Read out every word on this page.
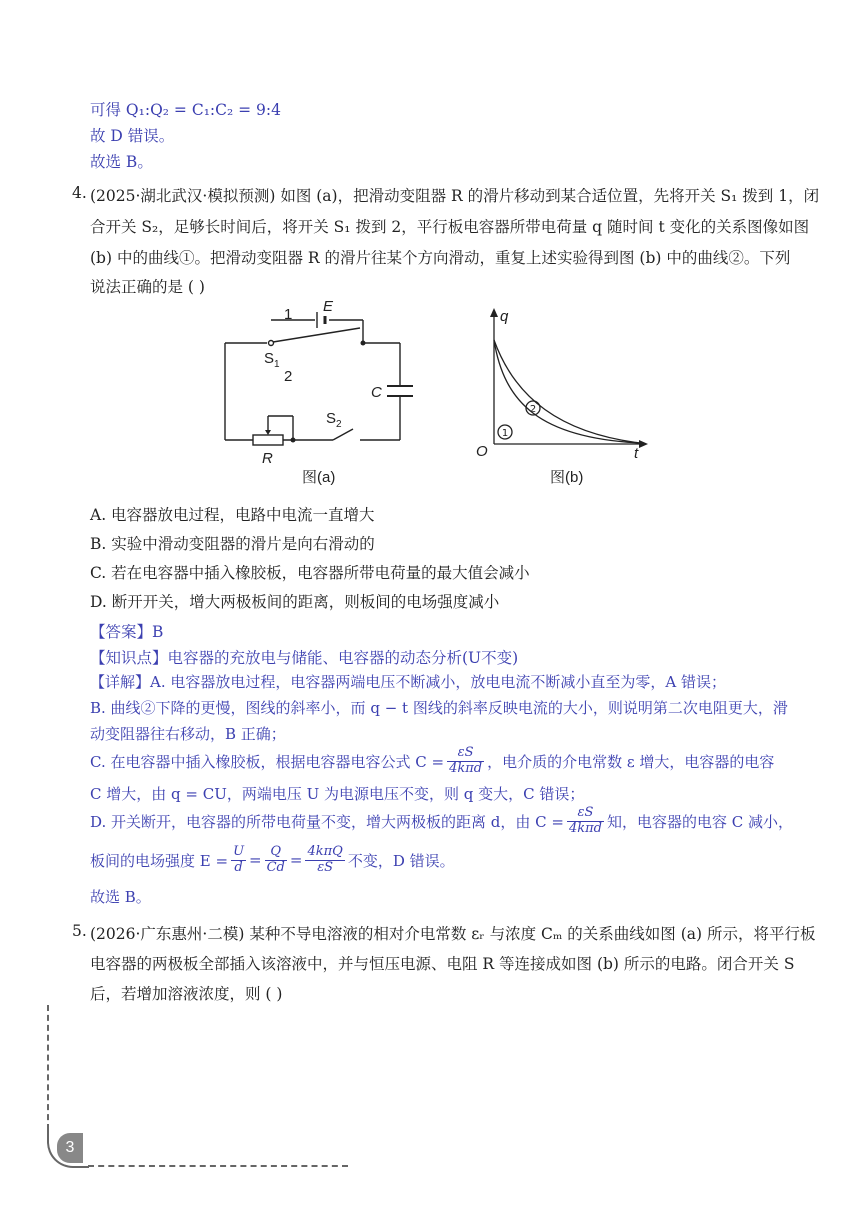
可得 Q₁:Q₂ = C₁:C₂ = 9:4
故 D 错误。
故选 B。
4. (2025·湖北武汉·模拟预测) 如图 (a)，把滑动变阻器 R 的滑片移动到某合适位置，先将开关 S₁ 拨到 1，闭
合开关 S₂，足够长时间后，将开关 S₁ 拨到 2，平行板电容器所带电荷量 q 随时间 t 变化的关系图像如图
(b) 中的曲线①。把滑动变阻器 R 的滑片往某个方向滑动，重复上述实验得到图 (b) 中的曲线②。下列
说法正确的是 ( )
1 E
$S_1$
2
C
$S_2$
R
图(a)
1
2
q
t
O
图(b)
A. 电容器放电过程，电路中电流一直增大
B. 实验中滑动变阻器的滑片是向右滑动的
C. 若在电容器中插入橡胶板，电容器所带电荷量的最大值会减小
D. 断开开关，增大两极板间的距离，则板间的电场强度减小
【答案】B
【知识点】电容器的充放电与储能、电容器的动态分析(U不变)
【详解】A. 电容器放电过程，电容器两端电压不断减小，放电电流不断减小直至为零，A 错误；
B. 曲线②下降的更慢，图线的斜率小，而 q − t 图线的斜率反映电流的大小，则说明第二次电阻更大，滑
动变阻器往右移动，B 正确；
C. 在电容器中插入橡胶板，根据电容器电容公式 $C = \frac{\varepsilon S}{\text{4kπd}}$ ，电介质的介电常数 ε 增大，电容器的电容
C 增大，由 q = CU，两端电压 U 为电源电压不变，则 q 变大，C 错误；
D. 开关断开，电容器的所带电荷量不变，增大两极板的距离 d，由 $C = \frac{\varepsilon S}{\text{4kπd}}$ 知，电容器的电容 C 减小，
板间的电场强度 $E = \frac{U}{d} = \frac{Q}{Cd} = \frac{\text{4kπQ}}{\varepsilon S}$ 不变，D 错误。
故选 B。
5. (2026·广东惠州·二模) 某种不导电溶液的相对介电常数 εᵣ 与浓度 Cₘ 的关系曲线如图 (a) 所示，将平行板
电容器的两极板全部插入该溶液中，并与恒压电源、电阻 R 等连接成如图 (b) 所示的电路。闭合开关 S
后，若增加溶液浓度，则 ( )
3
